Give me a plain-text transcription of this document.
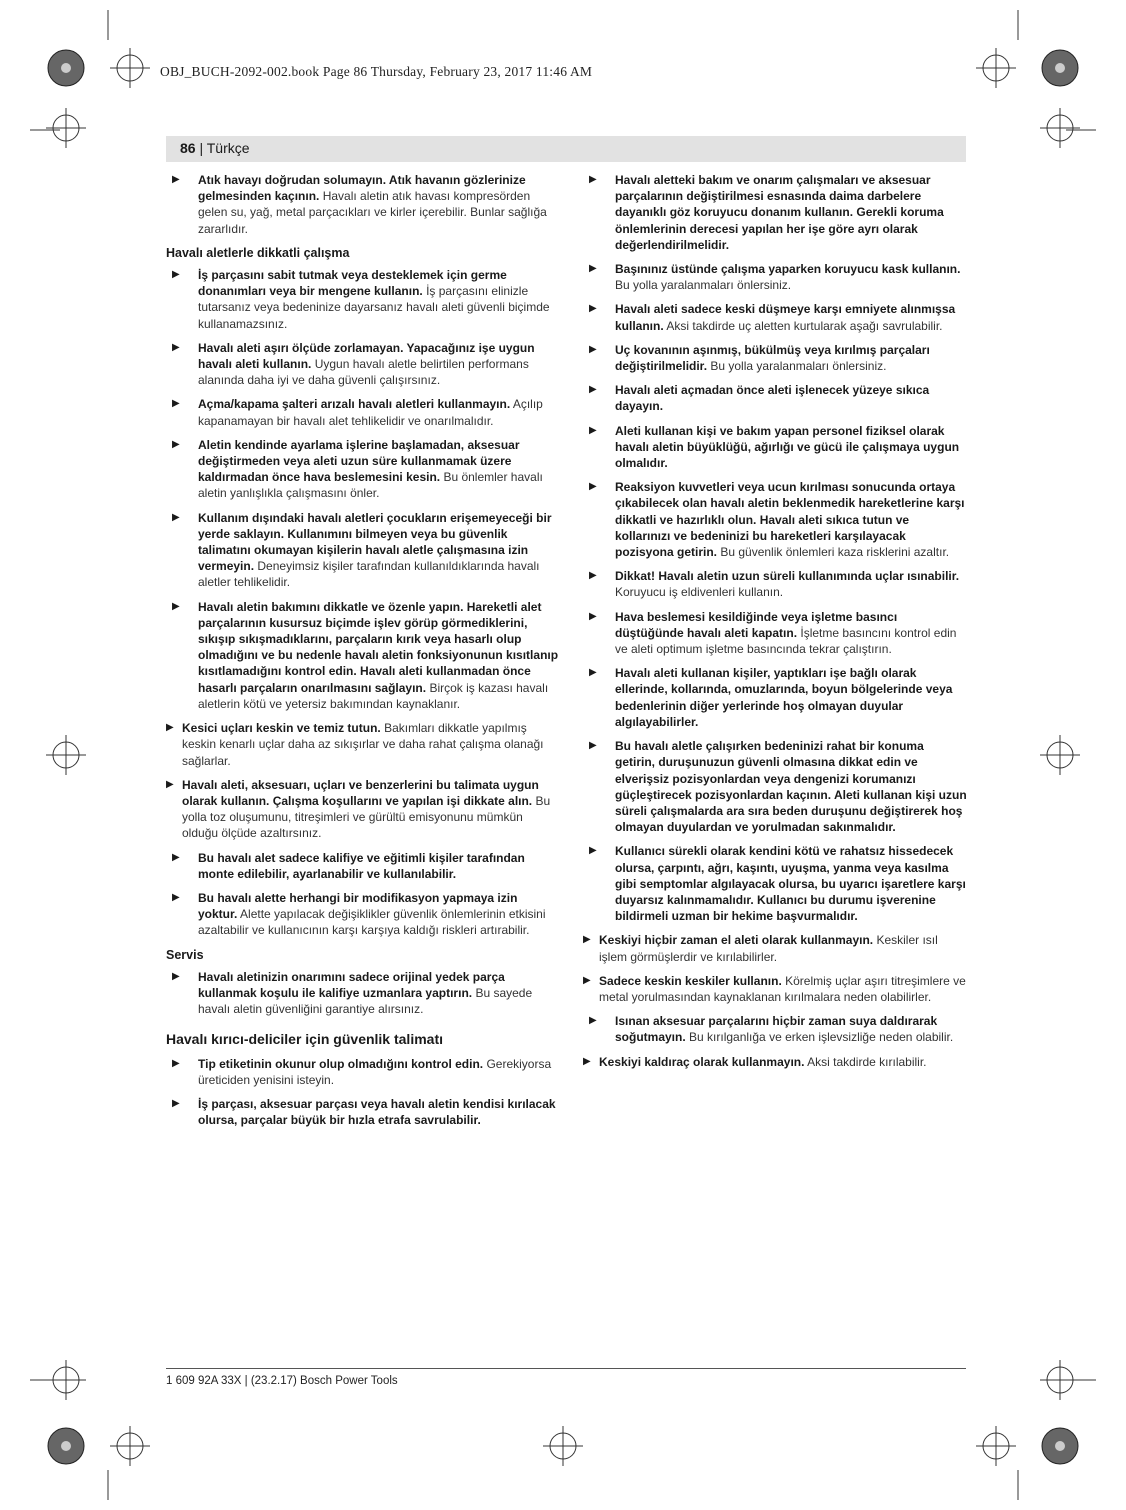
OBJ_BUCH-2092-002.book Page 86 Thursday, February 23, 2017 11:46 AM
86 | Türkçe
▶ Atık havayı doğrudan solumayın. Atık havanın gözlerinize gelmesinden kaçının. Havalı aletin atık havası kompresörden gelen su, yağ, metal parçacıkları ve kirler içerebilir. Bunlar sağlığa zararlıdır.
Havalı aletlerle dikkatli çalışma
▶ İş parçasını sabit tutmak veya desteklemek için germe donanımları veya bir mengene kullanın. İş parçasını elinizle tutarsanız veya bedeninize dayarsanız havalı aleti güvenli biçimde kullanamazsınız.
▶ Havalı aleti aşırı ölçüde zorlamayan. Yapacağınız işe uygun havalı aleti kullanın. Uygun havalı aletle belirtilen performans alanında daha iyi ve daha güvenli çalışırsınız.
▶ Açma/kapama şalteri arızalı havalı aletleri kullanmayın. Açılıp kapanamayan bir havalı alet tehlikelidir ve onarılmalıdır.
▶ Aletin kendinde ayarlama işlerine başlamadan, aksesuar değiştirmeden veya aleti uzun süre kullanmamak üzere kaldırmadan önce hava beslemesini kesin. Bu önlemler havalı aletin yanlışlıkla çalışmasını önler.
▶ Kullanım dışındaki havalı aletleri çocukların erişemeyeceği bir yerde saklayın. Kullanımını bilmeyen veya bu güvenlik talimatını okumayan kişilerin havalı aletle çalışmasına izin vermeyin. Deneyimsiz kişiler tarafından kullanıldıklarında havalı aletler tehlikelidir.
▶ Havalı aletin bakımını dikkatle ve özenle yapın. Hareketli alet parçalarının kusursuz biçimde işlev görüp görmediklerini, sıkışıp sıkışmadıklarını, parçaların kırık veya hasarlı olup olmadığını ve bu nedenle havalı aletin fonksiyonunun kısıtlanıp kısıtlamadığını kontrol edin. Havalı aleti kullanmadan önce hasarlı parçaların onarılmasını sağlayın. Birçok iş kazası havalı aletlerin kötü ve yetersiz bakımından kaynaklanır.
▶ Kesici uçları keskin ve temiz tutun. Bakımları dikkatle yapılmış keskin kenarlı uçlar daha az sıkışırlar ve daha rahat çalışma olanağı sağlarlar.
▶ Havalı aleti, aksesuarı, uçları ve benzerlerini bu talimata uygun olarak kullanın. Çalışma koşullarını ve yapılan işi dikkate alın. Bu yolla toz oluşumunu, titreşimleri ve gürültü emisyonunu mümkün olduğu ölçüde azaltırsınız.
▶ Bu havalı alet sadece kalifiye ve eğitimli kişiler tarafından monte edilebilir, ayarlanabilir ve kullanılabilir.
▶ Bu havalı alette herhangi bir modifikasyon yapmaya izin yoktur. Alette yapılacak değişiklikler güvenlik önlemlerinin etkisini azaltabilir ve kullanıcının karşı karşıya kaldığı riskleri artırabilir.
Servis
▶ Havalı aletinizin onarımını sadece orijinal yedek parça kullanmak koşulu ile kalifiye uzmanlara yaptırın. Bu sayede havalı aletin güvenliğini garantiye alırsınız.
Havalı kırıcı-deliciler için güvenlik talimatı
▶ Tip etiketinin okunur olup olmadığını kontrol edin. Gerekiyorsa üreticiden yenisini isteyin.
▶ İş parçası, aksesuar parçası veya havalı aletin kendisi kırılacak olursa, parçalar büyük bir hızla etrafa savrulabilir.
▶ Havalı aletteki bakım ve onarım çalışmaları ve aksesuar parçalarının değiştirilmesi esnasında daima darbelere dayanıklı göz koruyucu donanım kullanın. Gerekli koruma önlemlerinin derecesi yapılan her işe göre ayrı olarak değerlendirilmelidir.
▶ Başınınız üstünde çalışma yaparken koruyucu kask kullanın. Bu yolla yaralanmaları önlersiniz.
▶ Havalı aleti sadece keski düşmeye karşı emniyete alınmışsa kullanın. Aksi takdirde uç aletten kurtularak aşağı savrulabilir.
▶ Uç kovanının aşınmış, bükülmüş veya kırılmış parçaları değiştirilmelidir. Bu yolla yaralanmaları önlersiniz.
▶ Havalı aleti açmadan önce aleti işlenecek yüzeye sıkıca dayayın.
▶ Aleti kullanan kişi ve bakım yapan personel fiziksel olarak havalı aletin büyüklüğü, ağırlığı ve gücü ile çalışmaya uygun olmalıdır.
▶ Reaksiyon kuvvetleri veya ucun kırılması sonucunda ortaya çıkabilecek olan havalı aletin beklenmedik hareketlerine karşı dikkatli ve hazırlıklı olun. Havalı aleti sıkıca tutun ve kollarınızı ve bedeninizi bu hareketleri karşılayacak pozisyona getirin. Bu güvenlik önlemleri kaza risklerini azaltır.
▶ Dikkat! Havalı aletin uzun süreli kullanımında uçlar ısınabilir. Koruyucu iş eldivenleri kullanın.
▶ Hava beslemesi kesildiğinde veya işletme basıncı düştüğünde havalı aleti kapatın. İşletme basıncını kontrol edin ve aleti optimum işletme basıncında tekrar çalıştırın.
▶ Havalı aleti kullanan kişiler, yaptıkları işe bağlı olarak ellerinde, kollarında, omuzlarında, boyun bölgelerinde veya bedenlerinin diğer yerlerinde hoş olmayan duyular algılayabilirler.
▶ Bu havalı aletle çalışırken bedeninizi rahat bir konuma getirin, duruşunuzun güvenli olmasına dikkat edin ve elverişsiz pozisyonlardan veya dengenizi korumanızı güçleştirecek pozisyonlardan kaçının. Aleti kullanan kişi uzun süreli çalışmalarda ara sıra beden duruşunu değiştirerek hoş olmayan duyulardan ve yorulmadan sakınmalıdır.
▶ Kullanıcı sürekli olarak kendini kötü ve rahatsız hissedecek olursa, çarpıntı, ağrı, kaşıntı, uyuşma, yanma veya kasılma gibi semptomlar algılayacak olursa, bu uyarıcı işaretlere karşı duyarsız kalınmamalıdır. Kullanıcı bu durumu işverenine bildirmeli uzman bir hekime başvurmalıdır.
▶ Keskiyi hiçbir zaman el aleti olarak kullanmayın. Keskiler ısıl işlem görmüşlerdir ve kırılabilirler.
▶ Sadece keskin keskiler kullanın. Körelmiş uçlar aşırı titreşimlere ve metal yorulmasından kaynaklanan kırılmalara neden olabilirler.
▶ Isınan aksesuar parçalarını hiçbir zaman suya daldırarak soğutmayın. Bu kırılganlığa ve erken işlevsizliğe neden olabilir.
▶ Keskiyi kaldıraç olarak kullanmayın. Aksi takdirde kırılabilir.
1 609 92A 33X | (23.2.17) Bosch Power Tools
